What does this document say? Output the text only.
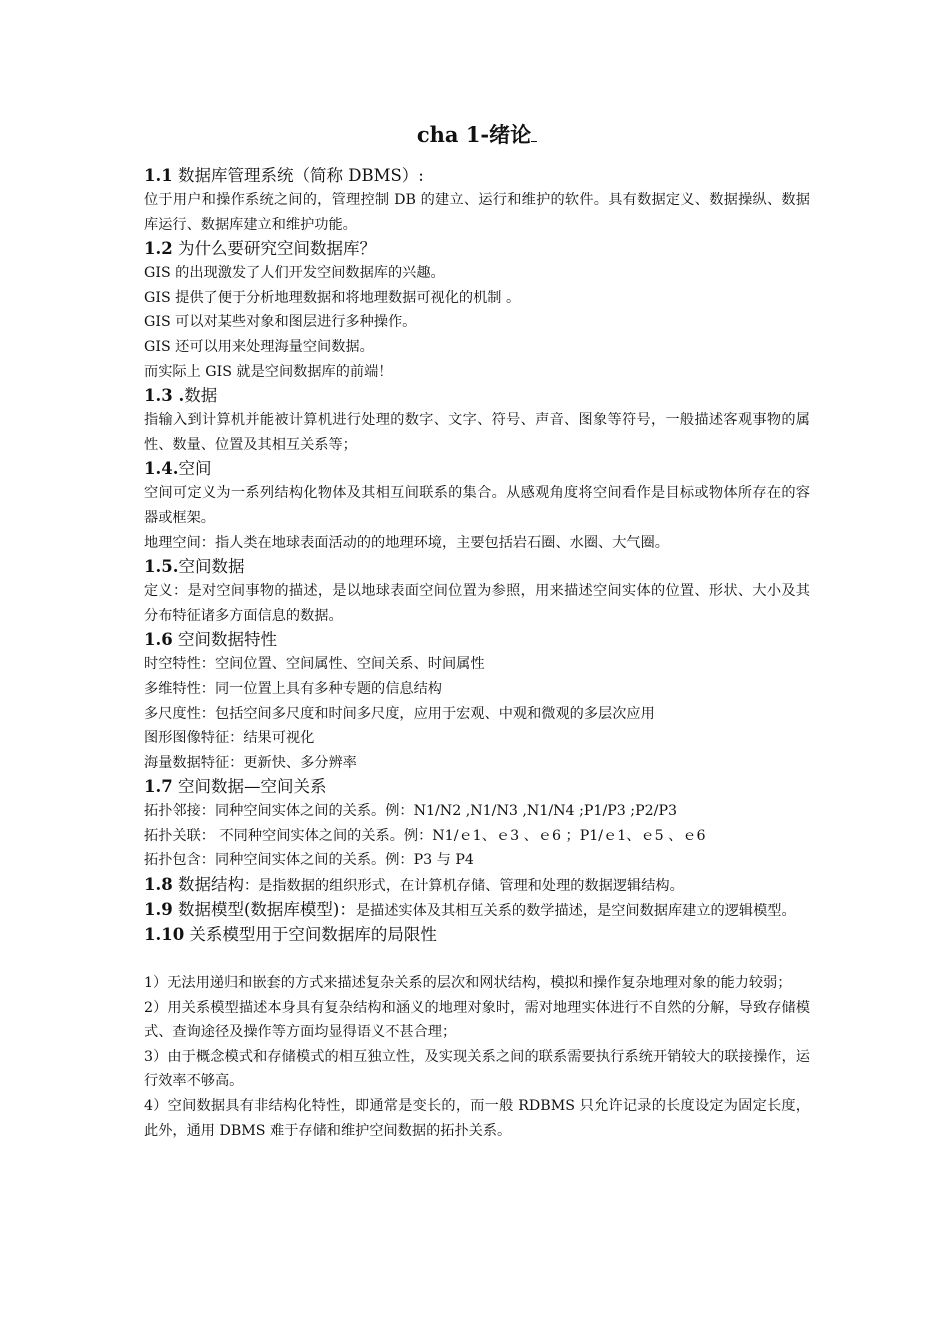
cha 1-绪论
1.1 数据库管理系统（简称 DBMS）:
位于用户和操作系统之间的，管理控制 DB 的建立、运行和维护的软件。具有数据定义、数据操纵、数据库运行、数据库建立和维护功能。
1.2 为什么要研究空间数据库？
GIS 的出现激发了人们开发空间数据库的兴趣。
GIS 提供了便于分析地理数据和将地理数据可视化的机制 。
GIS 可以对某些对象和图层进行多种操作。
GIS 还可以用来处理海量空间数据。
而实际上 GIS 就是空间数据库的前端！
1.3 .数据
指输入到计算机并能被计算机进行处理的数字、文字、符号、声音、图象等符号，一般描述客观事物的属性、数量、位置及其相互关系等；
1.4.空间
空间可定义为一系列结构化物体及其相互间联系的集合。从感观角度将空间看作是目标或物体所存在的容器或框架。
地理空间：指人类在地球表面活动的的地理环境，主要包括岩石圈、水圈、大气圈。
1.5.空间数据
定义：是对空间事物的描述，是以地球表面空间位置为参照，用来描述空间实体的位置、形状、大小及其分布特征诸多方面信息的数据。
1.6 空间数据特性
时空特性：空间位置、空间属性、空间关系、时间属性
多维特性：同一位置上具有多种专题的信息结构
多尺度性：包括空间多尺度和时间多尺度，应用于宏观、中观和微观的多层次应用
图形图像特征：结果可视化
海量数据特征：更新快、多分辨率
1.7 空间数据—空间关系
拓扑邻接：同种空间实体之间的关系。例：N1/N2 ,N1/N3 ,N1/N4 ;P1/P3 ;P2/P3
拓扑关联： 不同种空间实体之间的关系。例：N1/ｅ1、ｅ3 、ｅ6 ；P1/ｅ1、ｅ5 、ｅ6
拓扑包含：同种空间实体之间的关系。例：P3 与 P4
1.8 数据结构：是指数据的组织形式，在计算机存储、管理和处理的数据逻辑结构。
1.9 数据模型(数据库模型)：是描述实体及其相互关系的数学描述，是空间数据库建立的逻辑模型。
1.10 关系模型用于空间数据库的局限性
1）无法用递归和嵌套的方式来描述复杂关系的层次和网状结构，模拟和操作复杂地理对象的能力较弱；
2）用关系模型描述本身具有复杂结构和涵义的地理对象时，需对地理实体进行不自然的分解，导致存储模式、查询途径及操作等方面均显得语义不甚合理；
3）由于概念模式和存储模式的相互独立性，及实现关系之间的联系需要执行系统开销较大的联接操作，运行效率不够高。
4）空间数据具有非结构化特性，即通常是变长的，而一般 RDBMS 只允许记录的长度设定为固定长度，此外，通用 DBMS 难于存储和维护空间数据的拓扑关系。
